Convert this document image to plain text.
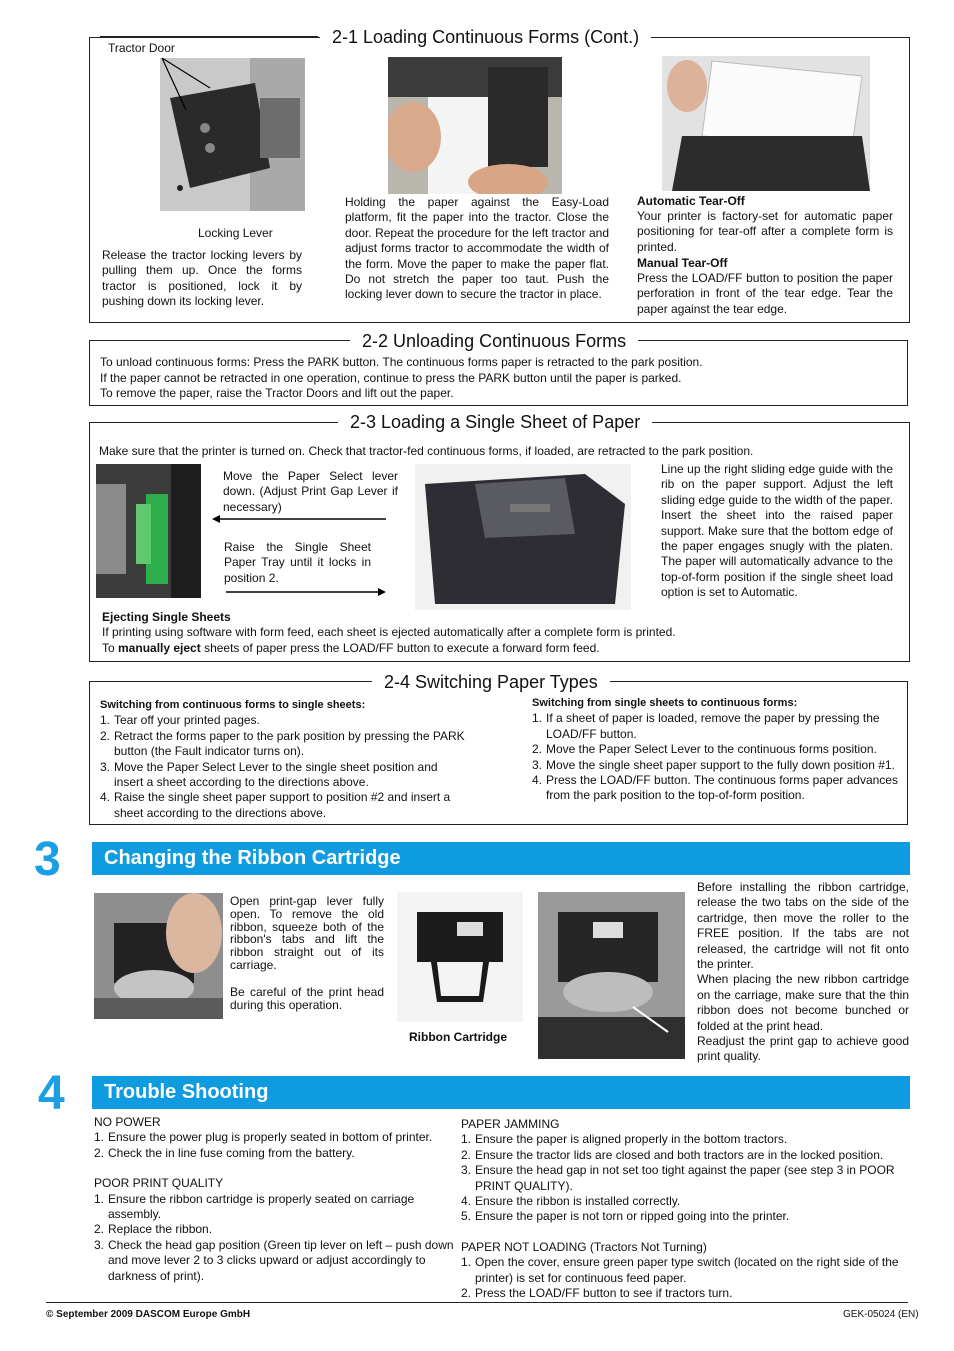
2-1 Loading Continuous Forms (Cont.)
Tractor Door
Locking Lever
Release the tractor locking levers by pulling them up. Once the forms tractor is positioned, lock it by pushing down its locking lever.
Holding the paper against the Easy-Load platform, fit the paper into the tractor. Close the door. Repeat the procedure for the left tractor and adjust forms tractor to accommodate the width of the form. Move the paper to make the paper flat. Do not stretch the paper too taut. Push the locking lever down to secure the tractor in place.
Automatic Tear-Off
Your printer is factory-set for automatic paper positioning for tear-off after a complete form is printed.
Manual Tear-Off
Press the LOAD/FF button to position the paper perforation in front of the tear edge. Tear the paper against the tear edge.
2-2 Unloading Continuous Forms
To unload continuous forms: Press the PARK button. The continuous forms paper is retracted to the park position.
If the paper cannot be retracted in one operation, continue to press the PARK button until the paper is parked.
To remove the paper, raise the Tractor Doors and lift out the paper.
2-3 Loading a Single Sheet of Paper
Make sure that the printer is turned on. Check that tractor-fed continuous forms, if loaded, are retracted to the park position.
Move the Paper Select lever down. (Adjust Print Gap Lever if necessary)
Raise the Single Sheet Paper Tray until it locks in position 2.
Line up the right sliding edge guide with the rib on the paper support. Adjust the left sliding edge guide to the width of the paper. Insert the sheet into the raised paper support. Make sure that the bottom edge of the paper engages snugly with the platen. The paper will automatically advance to the top-of-form position if the single sheet load option is set to Automatic.
Ejecting Single Sheets
If printing using software with form feed, each sheet is ejected automatically after a complete form is printed.
To manually eject sheets of paper press the LOAD/FF button to execute a forward form feed.
2-4 Switching Paper Types
Switching from continuous forms to single sheets:
1. Tear off your printed pages.
2. Retract the forms paper to the park position by pressing the PARK button (the Fault indicator turns on).
3. Move the Paper Select Lever to the single sheet position and insert a sheet according to the directions above.
4. Raise the single sheet paper support to position #2 and insert a sheet according to the directions above.
Switching from single sheets to continuous forms:
1. If a sheet of paper is loaded, remove the paper by pressing the LOAD/FF button.
2. Move the Paper Select Lever to the continuous forms position.
3. Move the single sheet paper support to the fully down position #1.
4. Press the LOAD/FF button. The continuous forms paper advances from the park position to the top-of-form position.
3 Changing the Ribbon Cartridge
Open print-gap lever fully open. To remove the old ribbon, squeeze both of the ribbon's tabs and lift the ribbon straight out of its carriage.
Be careful of the print head during this operation.
Ribbon Cartridge
Before installing the ribbon cartridge, release the two tabs on the side of the cartridge, then move the roller to the FREE position. If the tabs are not released, the cartridge will not fit onto the printer.
When placing the new ribbon cartridge on the carriage, make sure that the thin ribbon does not become bunched or folded at the print head.
Readjust the print gap to achieve good print quality.
4 Trouble Shooting
NO POWER
1. Ensure the power plug is properly seated in bottom of printer.
2. Check the in line fuse coming from the battery.
POOR PRINT QUALITY
1. Ensure the ribbon cartridge is properly seated on carriage assembly.
2. Replace the ribbon.
3. Check the head gap position (Green tip lever on left – push down and move lever 2 to 3 clicks upward or adjust accordingly to darkness of print).
PAPER JAMMING
1. Ensure the paper is aligned properly in the bottom tractors.
2. Ensure the tractor lids are closed and both tractors are in the locked position.
3. Ensure the head gap in not set too tight against the paper (see step 3 in POOR PRINT QUALITY).
4. Ensure the ribbon is installed correctly.
5. Ensure the paper is not torn or ripped going into the printer.
PAPER NOT LOADING (Tractors Not Turning)
1. Open the cover, ensure green paper type switch (located on the right side of the printer) is set for continuous feed paper.
2. Press the LOAD/FF button to see if tractors turn.
© September 2009 DASCOM Europe GmbH	GEK-05024 (EN)
